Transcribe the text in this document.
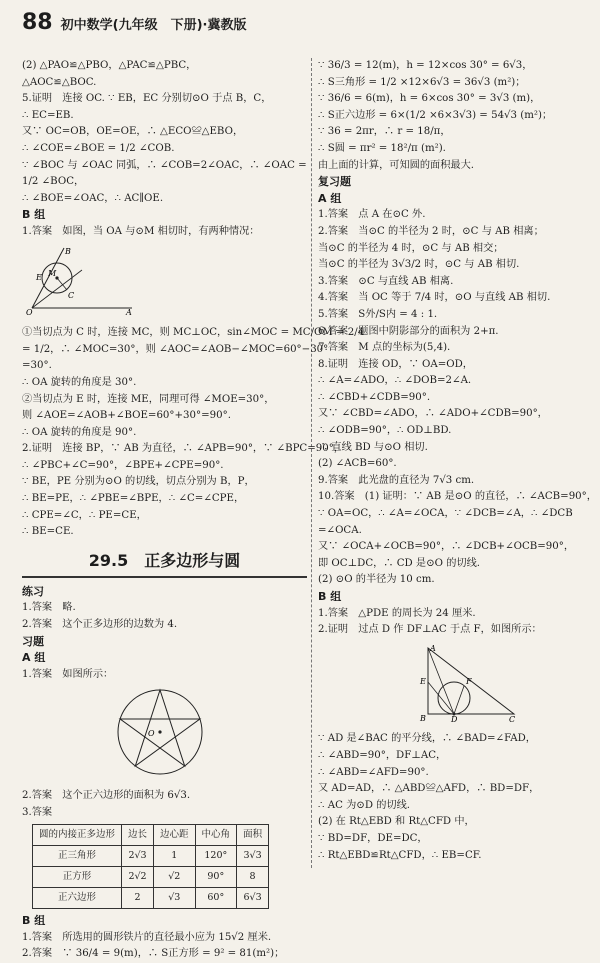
88 初中数学(九年级　下册)·冀教版
(2) △PAO≌△PBO，△PAC≌△PBC，
△AOC≌△BOC.
5.证明　连接 OC. ∵ EB，EC 分别切⊙O 于点 B，C，
∴ EC=EB.
又∵ OC=OB，OE=OE，∴ △ECO≌△EBO，
∴ ∠COE=∠BOE = 1/2 ∠COB.
∵ ∠BOC 与 ∠OAC 同弧，∴ ∠COB=2∠OAC，∴ ∠OAC =
1/2 ∠BOC，
∴ ∠BOE=∠OAC，∴ AC∥OE.
B 组
1.答案　如图，当 OA 与⊙M 相切时，有两种情况：
B
E M
C
O	A
①当切点为 C 时，连接 MC，则 MC⊥OC，sin∠MOC = MC/OM = 2/4
= 1/2，∴ ∠MOC=30°，则 ∠AOC=∠AOB−∠MOC=60°−30°
=30°.
∴ OA 旋转的角度是 30°.
②当切点为 E 时，连接 ME，同理可得 ∠MOE=30°，
则 ∠AOE=∠AOB+∠BOE=60°+30°=90°.
∴ OA 旋转的角度是 90°.
2.证明　连接 BP，∵ AB 为直径，∴ ∠APB=90°，∵ ∠BPC=90°，
∴ ∠PBC+∠C=90°，∠BPE+∠CPE=90°.
∵ BE，PE 分别为⊙O 的切线，切点分别为 B，P，
∴ BE=PE，∴ ∠PBE=∠BPE，∴ ∠C=∠CPE，
∴ CPE=∠C，∴ PE=CE，
∴ BE=CE.
29.5　正多边形与圆
练习
1.答案　略.
2.答案　这个正多边形的边数为 4.
习题
A 组
1.答案　如图所示：
O
2.答案　这个正六边形的面积为 6√3.
3.答案
圆的内接正多边形	边长	边心距	中心角	面积
正三角形	2√3	1	120°	3√3
正方形	2√2	√2	90°	8
正六边形	2	√3	60°	6√3
B 组
1.答案　所选用的圆形铁片的直径最小应为 15√2 厘米.
2.答案　∵ 36/4 = 9(m)，∴ S正方形 = 9² = 81(m²)；
∵ 36/3 = 12(m)，h = 12×cos 30° = 6√3，
∴ S三角形 = 1/2 ×12×6√3 = 36√3 (m²)；
∵ 36/6 = 6(m)，h = 6×cos 30° = 3√3 (m)，
∴ S正六边形 = 6×(1/2 ×6×3√3) = 54√3 (m²)；
∵ 36 = 2πr，∴ r = 18/π，
∴ S圆 = πr² = 18²/π (m²).
由上面的计算，可知圆的面积最大.
复习题
A 组
1.答案　点 A 在⊙C 外.
2.答案　当⊙C 的半径为 2 时，⊙C 与 AB 相离；
当⊙C 的半径为 4 时，⊙C 与 AB 相交；
当⊙C 的半径为 3√3/2 时，⊙C 与 AB 相切.
3.答案　⊙C 与直线 AB 相离.
4.答案　当 OC 等于 7/4 时，⊙O 与直线 AB 相切.
5.答案　S外/S内 = 4 : 1.
6.答案　题图中阴影部分的面积为 2+π.
7.答案　M 点的坐标为(5,4).
8.证明　连接 OD，∵ OA=OD，
∴ ∠A=∠ADO，∴ ∠DOB=2∠A.
∴ ∠CBD+∠CDB=90°.
又∵ ∠CBD=∠ADO，∴ ∠ADO+∠CDB=90°，
∴ ∠ODB=90°，∴ OD⊥BD.
∴ 直线 BD 与⊙O 相切.
(2) ∠ACB=60°.
9.答案　此光盘的直径为 7√3 cm.
10.答案　(1) 证明：∵ AB 是⊙O 的直径，∴ ∠ACB=90°，
∵ OA=OC，∴ ∠A=∠OCA，∵ ∠DCB=∠A，∴ ∠DCB
=∠OCA.
又∵ ∠OCA+∠OCB=90°，∴ ∠DCB+∠OCB=90°，
即 OC⊥DC，∴ CD 是⊙O 的切线.
(2) ⊙O 的半径为 10 cm.
B 组
1.答案　△PDE 的周长为 24 厘米.
2.证明　过点 D 作 DF⊥AC 于点 F，如图所示：
A
E	F
B	D	C
∵ AD 是∠BAC 的平分线，∴ ∠BAD=∠FAD，
∴ ∠ABD=90°，DF⊥AC，
∴ ∠ABD=∠AFD=90°.
又 AD=AD，∴ △ABD≌△AFD，∴ BD=DF，
∴ AC 为⊙D 的切线.
(2) 在 Rt△EBD 和 Rt△CFD 中，
∵ BD=DF，DE=DC，
∴ Rt△EBD≌Rt△CFD，∴ EB=CF.
